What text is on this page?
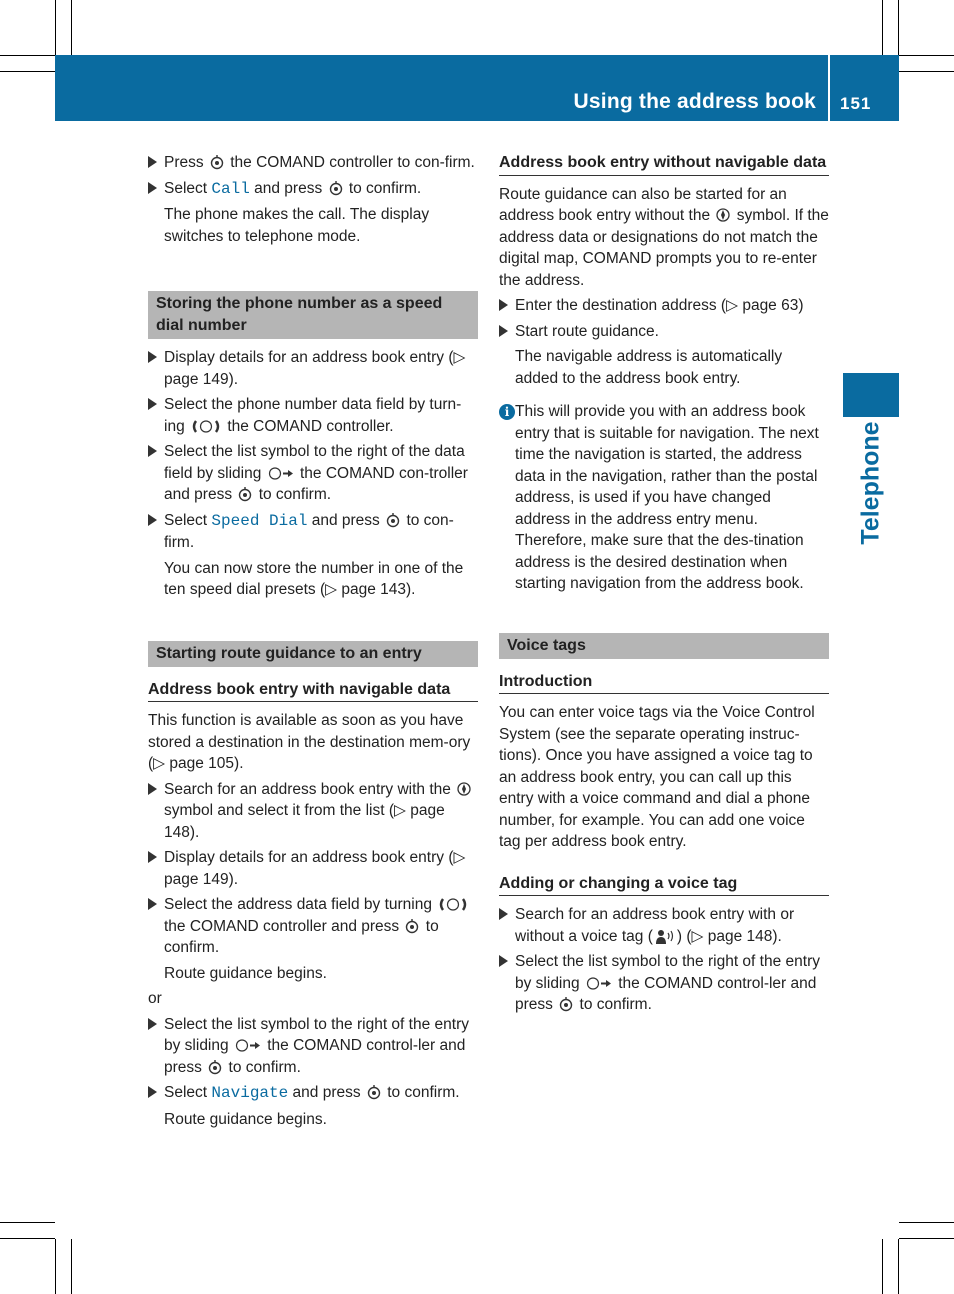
Using the address book 151
Telephone
Press the COMAND controller to con-firm.
Select Call and press to confirm.
The phone makes the call. The display switches to telephone mode.
Storing the phone number as a speed dial number
Display details for an address book entry (▷ page 149).
Select the phone number data field by turn-ing	the COMAND controller.
Select the list symbol to the right of the data field by sliding the COMAND con-troller and press to confirm.
Select Speed Dial and press to con-firm.
You can now store the number in one of the ten speed dial presets (▷ page 143).
Starting route guidance to an entry
Address book entry with navigable data
This function is available as soon as you have stored a destination in the destination mem-ory (▷ page 105).
Search for an address book entry with the
symbol and select it from the list (▷ page 148).
Display details for an address book entry (▷ page 149).
Select the address data field by turning
the COMAND controller and press to confirm.
Route guidance begins.
or
Select the list symbol to the right of the entry by sliding the COMAND control-ler and press to confirm.
Select Navigate and press to confirm.
Route guidance begins.
Address book entry without navigable data
Route guidance can also be started for an address book entry without the symbol. If the address data or designations do not match the digital map, COMAND prompts you to re-enter the address.
Enter the destination address (▷ page 63)
Start route guidance.
The navigable address is automatically added to the address book entry.
i This will provide you with an address book entry that is suitable for navigation. The next time the navigation is started, the address data in the navigation, rather than the postal address, is used if you have changed address in the address entry menu. Therefore, make sure that the des-tination address is the desired destination when starting navigation from the address book.
Voice tags
Introduction
You can enter voice tags via the Voice Control System (see the separate operating instruc-tions). Once you have assigned a voice tag to an address book entry, you can call up this entry with a voice command and dial a phone number, for example. You can add one voice tag per address book entry.
Adding or changing a voice tag
Search for an address book entry with or without a voice tag ( ) (▷ page 148).
Select the list symbol to the right of the entry by sliding the COMAND control-ler and press to confirm.
